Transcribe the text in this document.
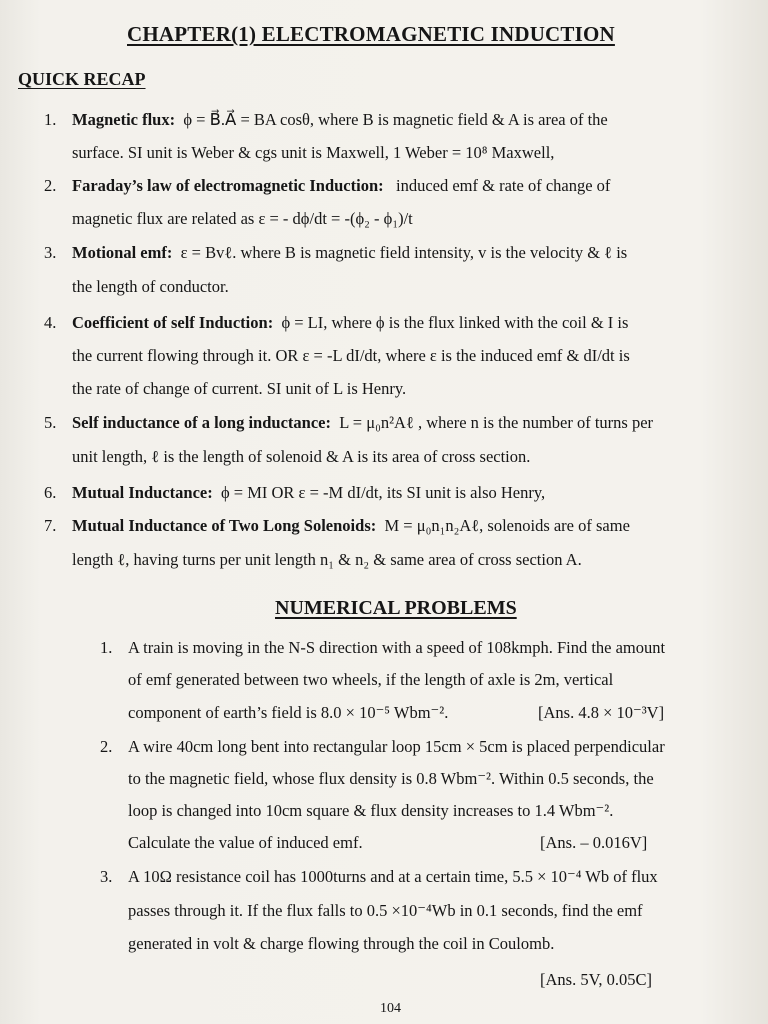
CHAPTER(1) ELECTROMAGNETIC INDUCTION
QUICK RECAP
1. Magnetic flux: ϕ = B⃗.A⃗ = BA cosθ, where B is magnetic field & A is area of the
surface. SI unit is Weber & cgs unit is Maxwell, 1 Weber = 10⁸ Maxwell,
2. Faraday’s law of electromagnetic Induction: induced emf & rate of change of
magnetic flux are related as ε = - dϕ/dt = -(ϕ₂ - ϕ₁)/t
3. Motional emf: ε = Bvℓ. where B is magnetic field intensity, v is the velocity & ℓ is
the length of conductor.
4. Coefficient of self Induction: ϕ = LI, where ϕ is the flux linked with the coil & I is
the current flowing through it. OR ε = -L dI/dt, where ε is the induced emf & dI/dt is
the rate of change of current. SI unit of L is Henry.
5. Self inductance of a long inductance: L = μ₀n²Aℓ , where n is the number of turns per
unit length, ℓ is the length of solenoid & A is its area of cross section.
6. Mutual Inductance: ϕ = MI OR ε = -M dI/dt, its SI unit is also Henry,
7. Mutual Inductance of Two Long Solenoids: M = μ₀n₁n₂Aℓ, solenoids are of same
length ℓ, having turns per unit length n₁ & n₂ & same area of cross section A.
NUMERICAL PROBLEMS
1. A train is moving in the N-S direction with a speed of 108kmph. Find the amount
of emf generated between two wheels, if the length of axle is 2m, vertical
component of earth’s field is 8.0 × 10⁻⁵ Wbm⁻².	[Ans. 4.8 × 10⁻³V]
2. A wire 40cm long bent into rectangular loop 15cm × 5cm is placed perpendicular
to the magnetic field, whose flux density is 0.8 Wbm⁻². Within 0.5 seconds, the
loop is changed into 10cm square & flux density increases to 1.4 Wbm⁻².
Calculate the value of induced emf.	[Ans. – 0.016V]
3. A 10Ω resistance coil has 1000turns and at a certain time, 5.5 × 10⁻⁴ Wb of flux
passes through it. If the flux falls to 0.5 ×10⁻⁴Wb in 0.1 seconds, find the emf
generated in volt & charge flowing through the coil in Coulomb.
[Ans. 5V, 0.05C]
104
